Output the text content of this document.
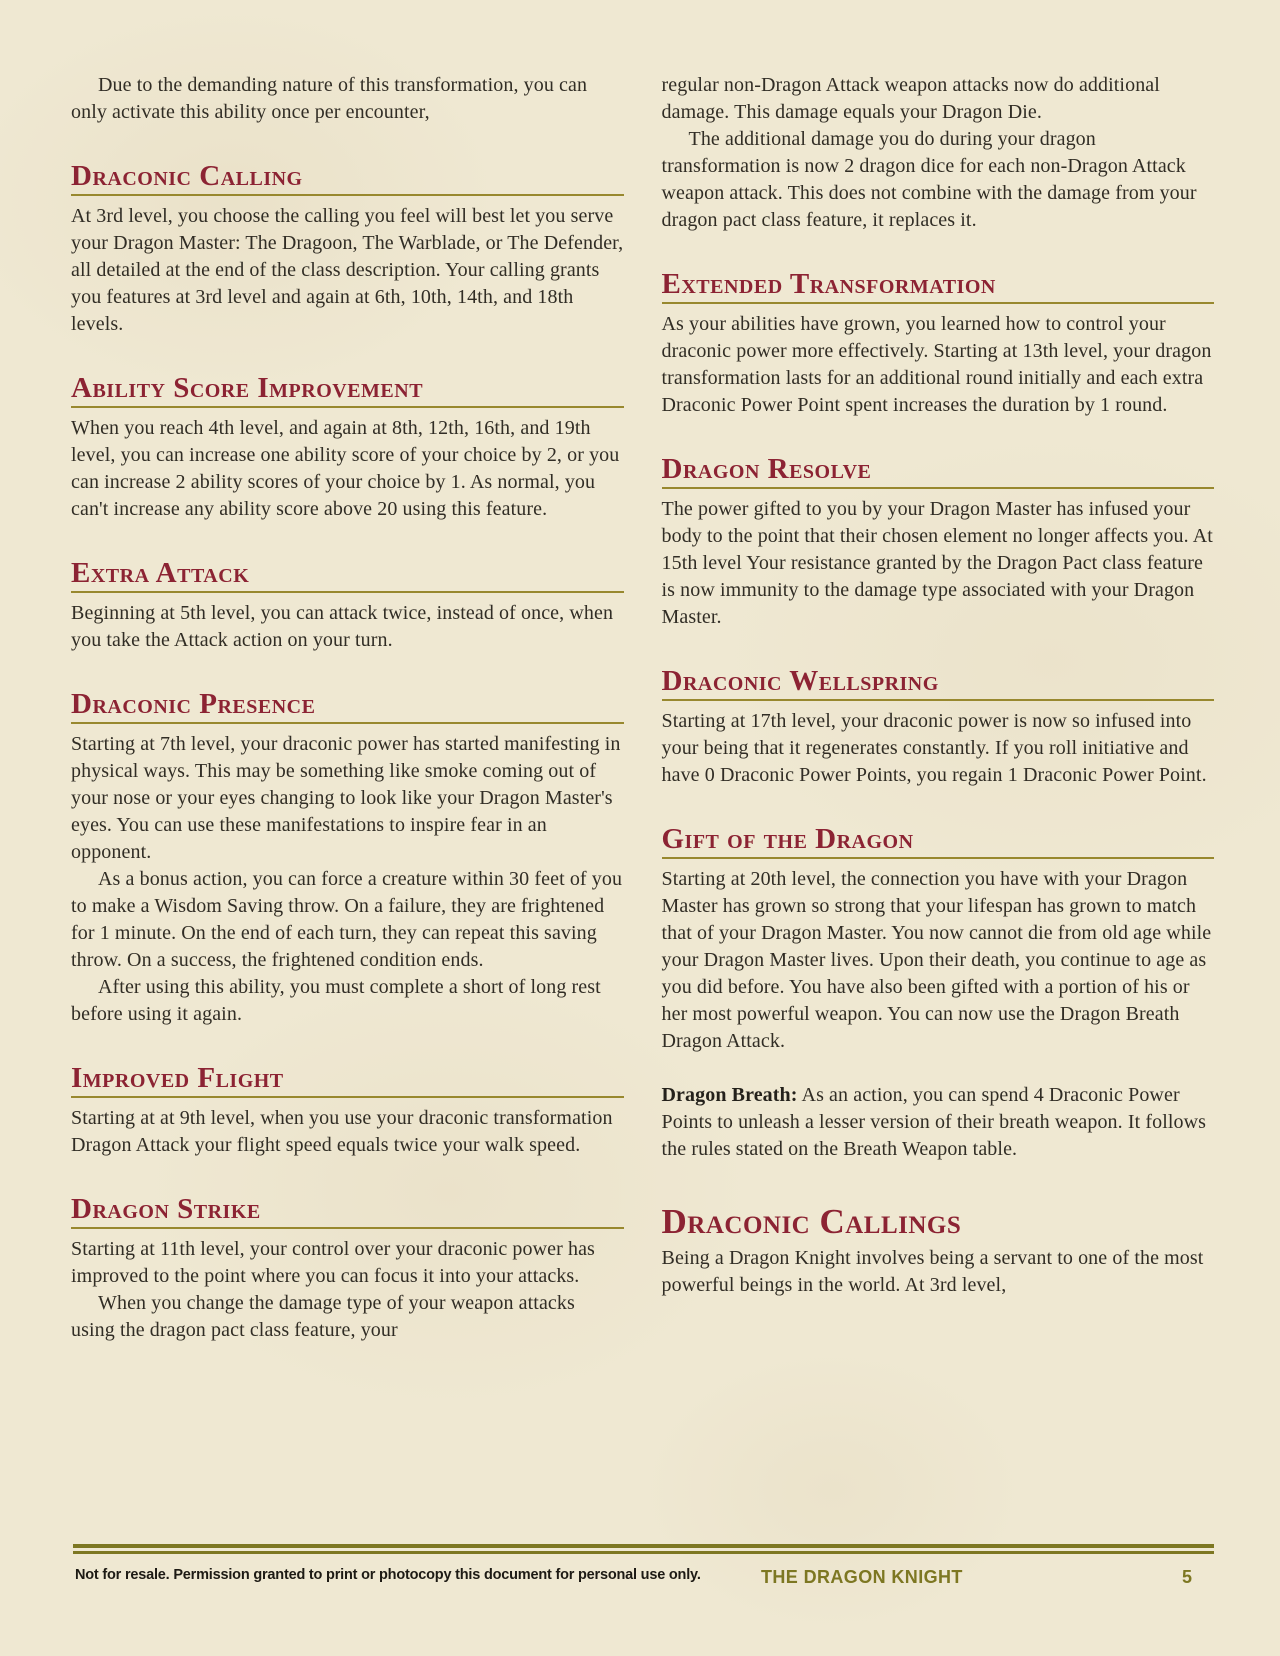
Due to the demanding nature of this transformation, you can only activate this ability once per encounter,

Draconic Calling

At 3rd level, you choose the calling you feel will best let you serve your Dragon Master: The Dragoon, The Warblade, or The Defender, all detailed at the end of the class description. Your calling grants you features at 3rd level and again at 6th, 10th, 14th, and 18th levels.

Ability Score Improvement

When you reach 4th level, and again at 8th, 12th, 16th, and 19th level, you can increase one ability score of your choice by 2, or you can increase 2 ability scores of your choice by 1. As normal, you can't increase any ability score above 20 using this feature.

Extra Attack

Beginning at 5th level, you can attack twice, instead of once, when you take the Attack action on your turn.

Draconic Presence

Starting at 7th level, your draconic power has started manifesting in physical ways. This may be something like smoke coming out of your nose or your eyes changing to look like your Dragon Master's eyes. You can use these manifestations to inspire fear in an opponent.

As a bonus action, you can force a creature within 30 feet of you to make a Wisdom Saving throw. On a failure, they are frightened for 1 minute. On the end of each turn, they can repeat this saving throw. On a success, the frightened condition ends.

After using this ability, you must complete a short of long rest before using it again.

Improved Flight

Starting at at 9th level, when you use your draconic transformation Dragon Attack your flight speed equals twice your walk speed.

Dragon Strike

Starting at 11th level, your control over your draconic power has improved to the point where you can focus it into your attacks.

When you change the damage type of your weapon attacks using the dragon pact class feature, your

regular non-Dragon Attack weapon attacks now do additional damage. This damage equals your Dragon Die.

The additional damage you do during your dragon transformation is now 2 dragon dice for each non-Dragon Attack weapon attack. This does not combine with the damage from your dragon pact class feature, it replaces it.

Extended Transformation

As your abilities have grown, you learned how to control your draconic power more effectively. Starting at 13th level, your dragon transformation lasts for an additional round initially and each extra Draconic Power Point spent increases the duration by 1 round.

Dragon Resolve

The power gifted to you by your Dragon Master has infused your body to the point that their chosen element no longer affects you. At 15th level Your resistance granted by the Dragon Pact class feature is now immunity to the damage type associated with your Dragon Master.

Draconic Wellspring

Starting at 17th level, your draconic power is now so infused into your being that it regenerates constantly. If you roll initiative and have 0 Draconic Power Points, you regain 1 Draconic Power Point.

Gift of the Dragon

Starting at 20th level, the connection you have with your Dragon Master has grown so strong that your lifespan has grown to match that of your Dragon Master. You now cannot die from old age while your Dragon Master lives. Upon their death, you continue to age as you did before. You have also been gifted with a portion of his or her most powerful weapon. You can now use the Dragon Breath Dragon Attack.

Dragon Breath: As an action, you can spend 4 Draconic Power Points to unleash a lesser version of their breath weapon. It follows the rules stated on the Breath Weapon table.

Draconic Callings

Being a Dragon Knight involves being a servant to one of the most powerful beings in the world. At 3rd level,

Not for resale. Permission granted to print or photocopy this document for personal use only.	THE DRAGON KNIGHT	5
